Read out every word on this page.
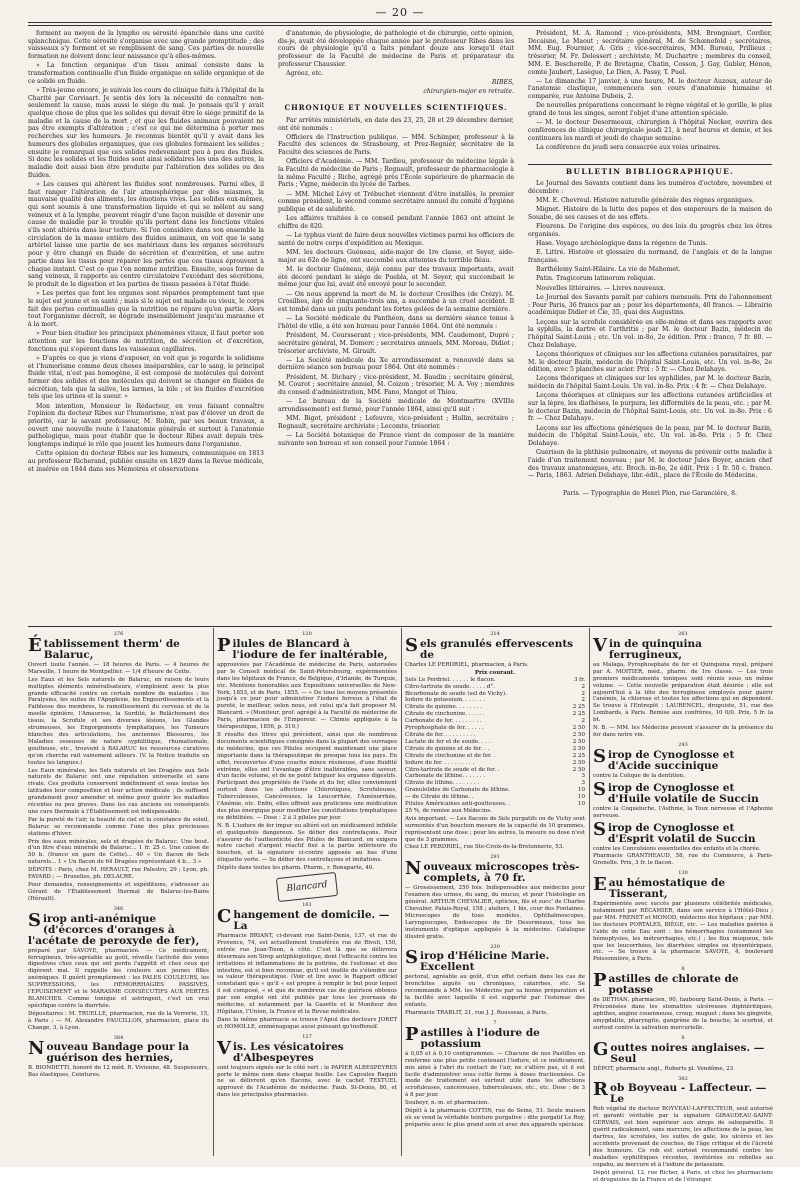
— 20 —

forment au moyen de la lympho ou sérosité épanchée dans une cavité splanchnique. Cette sérosité s'organise avec une grande promptitude ; des vaisseaux s'y forment et se remplissent de sang. Ces parties de nouvelle formation ne doivent donc leur naissance qu'à elles-mêmes.

» La fonction organique d'un tissu animal consiste dans la transformation continuelle d'un fluide organique en solide organique et de ce solide en fluide.

» Très-jeune encore, je suivais les cours de clinique faits à l'hôpital de la Charité par Corvisart. Je sentis dès lors la nécessité de connaître non-seulement la cause, mais aussi le siége du mal. Je pensais qu'il y avait quelque chose de plus que les solides qui devait être le siége primitif de la maladie et la cause de la mort ; et que les fluides animaux pouvaient ne pas être exempts d'altération ; c'est ce qui me détermina à porter mes recherches sur les humeurs. Je reconnus bientôt qu'il y avait dans les humeurs des globules organiques, que ces globules formaient les solides ; ensuite je remarquai que ces solides redevenaient peu à peu des fluides. Si donc les solides et les fluides sont ainsi solidaires les uns des autres, la maladie doit aussi bien être produite par l'altération des solides ou des fluides.

» Les causes qui altèrent les fluides sont nombreuses. Parmi elles, il faut ranger l'altération de l'air atmosphérique par des miasmes, la mauvaise qualité des aliments, les émotions vives. Les solides eux-mêmes, qui sont soumis à une transformation liquide et qui se mêlent au sang veineux et à la lymphe, peuvent réagir d'une façon nuisible et devenir une cause de maladie par le trouble qu'ils portent dans les fonctions vitales s'ils sont altérés dans leur texture. Si l'on considère dans son ensemble la circulation de la masse entière des fluides animaux, on voit que le sang artériel laisse une partie de ses matériaux dans les organes sécréteurs pour y être changé en fluide de sécrétion et d'excrétion, et une autre partie dans les tissus pour réparer les pertes que ces tissus éprouvent à chaque instant. C'est ce que l'on nomme nutrition. Ensuite, sous forme de sang veineux, il rapporte au centre circulatoire l'excédant des sécrétions, le produit de la digestion et les parties de tissus passées à l'état fluide.

» Les pertes que font les organes sont réparées promptement tant que le sujet est jeune et en santé ; mais si le sujet est malade ou vieux, le corps fait des pertes continuelles que la nutrition ne répare qu'en partie. Alors tout l'organisme décroît, se dégrade insensiblement jusqu'au marasme et à la mort.

» Pour bien étudier les principaux phénomènes vitaux, il faut porter son attention sur les fonctions de nutrition, de sécrétion et d'excrétion, fonctions qui s'opèrent dans les vaisseaux capillaires.

» D'après ce que je viens d'exposer, on voit que je regarde le solidisme et l'humorisme comme deux choses inséparables, car le sang, le principal fluide vital, n'est pas homogène, il est composé de molécules qui doivent former des solides et des molécules qui doivent se changer en fluides de sécrétion, tels que la salive, les larmes, la bile ; et les fluides d'excrétion tels que les urines et la sueur. »

Mon intention, Monsieur le Rédacteur, en vous faisant connaître l'opinion du docteur Ribes sur l'humorisme, n'est pas d'élever un droit de priorité, car le savant professeur, M. Robin, par ses beaux travaux, a ouvert une nouvelle route à l'anatomie générale et surtout à l'anatomie pathologique, mais pour établir que le docteur Ribes avait depuis très-longtemps indiqué le rôle que jouent les humeurs dans l'organisme.

Cette opinion du docteur Ribes sur les humeurs, communiquée en 1813 au professeur Richerand, publiée ensuite en 1829 dans la Revue médicale, et insérée en 1844 dans ses Mémoires et observations

d'anatomie, de physiologie, de pathologie et de chirurgie, cette opinion, dis-je, avait été développée chaque année par le professeur Ribes dans les cours de physiologie qu'il a faits pendant douze ans lorsqu'il était professeur de la Faculté de médecine de Paris et préparateur du professeur Chaussier.

Agréez, etc.

RIBES,

chirurgien-major en retraite.

CHRONIQUE ET NOUVELLES SCIENTIFIQUES.

Par arrêtés ministériels, en date des 23, 25, 28 et 29 décembre dernier, ont été nommés :

Officiers de l'Instruction publique. — MM. Schimper, professeur à la Faculté des sciences de Strasbourg, et Prez-Regnier, secrétaire de la Faculté des sciences de Paris.

Officiers d'Académie. — MM. Tardieu, professeur de médecine légale à la Faculté de médecine de Paris ; Regnault, professeur de pharmacologie à la même Faculté ; Riche, agrégé près l'École supérieure de pharmacie de Paris ; Vigne, médecin du lycée de Tarbes.

— MM. Michel Lévy et Trébuchet viennent d'être installés, le premier comme président, le second comme secrétaire annuel du comité d'hygiène publique et de salubrité.

Les affaires traitées à ce conseil pendant l'année 1863 ont atteint le chiffre de 820.

— Le typhus vient de faire deux nouvelles victimes parmi les officiers de santé de notre corps d'expédition au Mexique.

MM. les docteurs Guéneau, aide-major de 1re classe, et Seyer, aide-major au 62e de ligne, ont succombé aux atteintes du terrible fléau.

M. le docteur Guéneau, déjà connu par des travaux importants, avait été décoré pendant le siége de Puebla, et M. Seyer, qui succombait le même jour que lui, avait été envoyé pour le seconder.

— On nous apprend la mort de M. le docteur Crosilhes (de Crézy). M. Crosilhes, âgé de cinquante-trois ans, a succombé à un cruel accident. Il est tombé dans un puits pendant les fortes gelées de la semaine dernière.

— La Société médicale du Panthéon, dans sa dernière séance tenue à l'hôtel de ville, a été son bureau pour l'année 1864. Ont été nommés :

Président, M. Coursserant ; vice-présidents, MM. Caudemont, Dupré ; secrétaire général, M. Domerc ; secrétaires annuels, MM. Moreau, Didiot ; trésorier archiviste, M. Girault.

— La Société médicale du Xe arrondissement a renouvelé dans sa dernière séance son bureau pour 1864. Ont été nommés :

Président, M. Dichary ; vice-président, M. Baudin ; secrétaire général, M. Courot ; secrétaire annuel, M. Coizon ; trésorier, M. A. Voy ; membres du conseil d'administration, MM. Fano, Mangot et Thiou.

— Le bureau de la Société médicale de Montmartre (XVIIIe arrondissement) est formé, pour l'année 1864, ainsi qu'il suit :

MM. Bigot, président ; Lefeuvre, vice-président ; Hullin, secrétaire ; Regnault, secrétaire archiviste ; Lecomte, trésorier.

— La Société botanique de France vient de composer de la manière suivante son bureau et son conseil pour l'année 1864 :

Président, M. A. Ramond ; vice-présidents, MM. Brongniart, Cordier, Decaisne, Le Maout ; secrétaire général, M. de Schœnefeld ; secrétaires, MM. Eug. Fournier, A. Gris ; vice-secrétaires, MM. Bureau, Prillieux ; trésorier, M. Fr. Delessert ; archiviste, M. Duchartre ; membres du conseil, MM. E. Bescherelle, P. de Bretagne, Chatin, Cosson, J. Gay, Gubler, Hénon, comte Jaubert, Lasègue, Le Dien, A. Passy, T. Puel.

— Le dimanche 17 janvier, à une heure, M. le docteur Auzoux, auteur de l'anatomie clastique, commencera son cours d'anatomie humaine et comparée, rue Antoine Dubois, 2.

De nouvelles préparations concernant le règne végétal et le gorille, le plus grand de tous les singes, seront l'objet d'une attention spéciale.

— M. le docteur Desormeaux, chirurgien à l'hôpital Necker, ouvrira des conférences de clinique chirurgicale jeudi 21, à neuf heures et demie, et les continuera les mardi et jeudi de chaque semaine.

La conférence du jeudi sera consacrée aux voies urinaires.

BULLETIN BIBLIOGRAPHIQUE.

Le Journal des Savants contient dans les numéros d'octobre, novembre et décembre :

MM. E. Chevreul. Histoire naturelle générale des règnes organiques.

Mignet. Histoire de la lutte des papes et des empereurs de la maison de Souabe, de ses causes et de ses effets.

Flourens. De l'origine des espèces, ou des lois du progrès chez les êtres organisés.

Hase. Voyage archéologique dans la régence de Tunis.

E. Littré. Histoire et glossaire du normand, de l'anglais et de la langue française.

Barthélemy Saint-Hilaire. La vie de Mahomet.

Patin. Tragicorum latinorum reliquiæ.

Nouvelles littéraires. — Livres nouveaux.

Le Journal des Savants paraît par cahiers mensuels. Prix de l'abonnement : Pour Paris, 36 francs par an ; pour les départements, 40 francs. — Librairie académique Didier et Cie, 35, quai des Augustins.

Leçons sur la scrofule considérée en elle-même et dans ses rapports avec la syphilis, la dartre et l'arthritis ; par M. le docteur Bazin, médecin de l'hôpital Saint-Louis ; etc. Un vol. in-8o, 2e édition. Prix : franco, 7 fr. 80. — Chez Delahaye.

Leçons théoriques et cliniques sur les affections cutanées parasitaires, par M. le docteur Bazin, médecin de l'hôpital Saint-Louis, etc. Un vol. in-8o, 2e édition, avec 5 planches sur acier. Prix : 5 fr. — Chez Delahaye.

Leçons théoriques et cliniques sur les syphilides, par M. le docteur Bazin, médecin de l'hôpital Saint-Louis. Un vol. in-8o. Prix : 4 fr. — Chez Delahaye.

Leçons théoriques et cliniques sur les affections cutanées artificielles et sur la lèpre, les diathèses, le purpura, les difformités de la peau, etc. ; par M. le docteur Bazin, médecin de l'hôpital Saint-Louis, etc. Un vol. in-8o. Prix : 6 fr. — Chez Delahaye.

Leçons sur les affections génériques de la peau, par M. le docteur Bazin, médecin de l'hôpital Saint-Louis, etc. Un vol. in-8o. Prix : 5 fr. Chez Delahaye.

Guérison de la phthisie pulmonaire, et moyens de prévenir cette maladie à l'aide d'un traitement nouveau ; par M. le docteur Jules Boyer, ancien chef des travaux anatomiques, etc. Broch. in-8o, 2e édit. Prix : 1 fr. 50 c. franco. — Paris, 1863. Adrien Delahaye, libr.-édit., place de l'École de Médecine.

Paris. — Typographie de Henri Plon, rue Garancière, 8.

276
Établissement therm' de Balaruc,

Ouvert toute l'année. — 18 heures de Paris. — 4 heures de Marseille, 1 heure de Montpellier. — 1/4 d'heure de Cette.

Les Eaux et les Sels naturels de Balaruc, en raison de leurs multiples éléments minéralisateurs, s'emploient avec la plus grande efficacité contre un certain nombre de maladies : les Paralysies, les suites de l'Apoplexie, les Engourdissements et la Faiblesse des membres, le ramollissement du cerveau et de la moelle épinière, l'Amaurose, la Surdité, le Relâchement des tissus, la Scrofule et ses diverses lésions, les Glandes strumeuses, les Engorgements lymphatiques, les Tumeurs blanches des articulations, les anciennes Blessures, les Maladies osseuses de nature syphilitique, rhumatismale, goutteuse, etc., trouvent à BALARUC les ressources curatives qu'on cherche rait vainement ailleurs. (V. la Notice traduite en toutes les langues.)

Les Eaux minérales, les Sels naturels et les Dragées aux Sels naturels de Balaruc ont une réputation universelle et sans rivale. Ces produits conservent indéfiniment et sous toutes les latitudes leur composition et leur action médicale ; ils suffisent grandement pour amender et même pour guérir les maladies récentes ou peu graves. Dans les cas anciens ou conséquents une cure thermale à l'Établissement est indispensable.

Par la pureté de l'air, la beauté du ciel et la constance du soleil, Balaruc se recommande comme l'une des plus précieuses stations d'hiver.

Prix des eaux minérales, sels et dragées de Balaruc. Une bout. d'un litre d'eau minérale de Balaruc... 1 fr. 25 c. Une caisse de 50 b. (franco en gare de Cette)... 40 » Un flacon de Sels naturels... 1 » Un flacon de 64 Dragées représentant 4 b... 3 »

DÉPOTS : Paris, chez M. HERAULT, rue Palestro, 29 ; Lyon, ph. FAYARD ; — Bruxelles, ph. DELACRE.

Pour demandes, renseignements et expéditions, s'adresser au Gérant de l'Établissement thermal de Balaruc-les-Bains (Hérault).

346
Sirop anti-anémique (d'écorces d'oranges à l'acétate de peroxyde de fer),

préparé par SAVOYE, pharmacien. — Ce médicament, ferrugineux, très-agréable au goût, réveille l'activité des voies digestives chez ceux qui ont perdu l'appétit et chez ceux qui digèrent mal. Il rappelle les couleurs aux jeunes filles anémiques. Il guérit promptement : les PALES COULEURS, les SUPPRESSIONS, les HÉMORRHAGIES PASSIVES, l'EPUISEMENT et le MARASME CONSÉCUTIFS AUX PERTES BLANCHES. Comme tonique et astringent, c'est un vrai spécifique contre la diarrhée.

Dépositaires : M. TRUELLE, pharmacien, rue de la Verrerie, 15, à Paris ; — M. Alexandre FAUCILLON, pharmacien, place du Change, 3, à Lyon.

384
Nouveau Bandage pour la guérison des hernies,

B. BIONDETTI, honoré de 12 méd. R. Vivienne, 48. Suspensoirs, Bas élastiques, Ceintures.

120
Pilules de Blancard à l'iodure de fer inaltérable,

approuvées par l'Académie de médecine de Paris, autorisées par le Conseil médical de Saint-Pétersbourg, expérimentées dans les hôpitaux de France, de Belgique, d'Irlande, de Turquie, etc. Mentions honorables aux Expositions universelles de New-York, 1853, et de Paris, 1855. — « De tous les moyens présentés jusqu'à ce jour pour administrer l'iodure ferreux à l'état de pureté, le meilleur, selon nous, est celui qu'a fait proposer M. Blancard. » (Moniteur, prof. agrégé à la Faculté de médecine de Paris, pharmacien de l'Empereur. — Chimie appliquée à la thérapeutique, 1856, p. 319.)

Il résulte des titres qui précèdent, ainsi que de nombreux documents scientifiques consignés dans la plupart des ouvrages de médecine, que ces Pilules occupent maintenant une place importante dans la thérapeutique de presque tous les pays. En effet, recouvertes d'une couche mince résineuse, d'une fluidité extrême, elles ont l'avantage d'être inaltérables, sans saveur, d'un facile volume, et de ne point fatiguer les organes digestifs. Participant des propriétés de l'iode et du fer, elles conviennent surtout dans les affections Chlorotiques, Scrofuleuses, Tuberculeuses, Cancéreuses, la Leucorrhée, l'Aménorrhée, l'Anémie, etc. Enfin, elles offrent aux praticiens une médication des plus énergique pour modifier les constitutions lymphatiques ou débilitées. — Dose : 2 à 3 pilules par jour.

N. B. L'iodure de fer impur ou altéré est un médicament infidèle et quelquefois dangereux. Se défier des contrefaçons. Pour s'assurer de l'authenticité des Pilules de Blancard, on exigera notre cachet d'argent réactif fixé à la partie inférieure du bouchon, et la signature ci-contre apposée au bas d'une étiquette verte. — Se défier des contrefaçons et imitations.

Dépôts dans toutes les pharm. Pharm., r. Bonaparte, 40.

Blancard
161
Changement de domicile. — La

Pharmacie BRIANT, ci-devant rue Saint-Denis, 137, et rue de Provence, 74, est actuellement transférée rue de Rivoli, 150, entrée rue Jean-Tison, à côté. C'est là que se délivrera désormais son Sirop antiphlogistique, dont l'efficacité contre les irritations et inflammations de la poitrine, de l'estomac et des intestins, est si bien reconnue, qu'il est inutile de s'étendre sur sa valeur thérapeutique. (Voir et lire avec le Rapport officiel constatant que « qu'il « est propre à remplir le but pour lequel il est composé, « et que de nombreux cas de guérison obtenus par son emploi ont été publiés par tous les journaux de médecine, et notamment par la Gazette et le Moniteur des Hôpitaux, l'Union, la France et la Revue médicales.

Dans la même pharmacie se trouve l'Apiol des docteurs JORET et HOMOLLE, emménagogue aussi puissant qu'inoffensif.

127
Vis. Les vésicatoires d'Albespeyres

sont toujours signés sur le côté vert ; le PAPIER ALBESPEYRES porte le même nom dans chaque feuille. Les Capsules Raquin ne se délivrent qu'en flacons, avec le cachet TEXTUEL approuvé de l'Académie de médecine. Faub. St-Denis, 80, et dans les principales pharmacies.

214
Sels granulés effervescents de

Charles LE PERDRIEL, pharmacien, à Paris.

Prix courant.
Sels Le Perdriel. . . . . . le flacon.	3 fr.
Citro-tartrate de soude. . . . . d°.	2
Bicarbonate de soude (sel de Vichy).	2
Iodure de potassium. . . . . . .	2
Citrate de quinine. . . . . . . .	2 25
Citrate de cinchonine. . . . . .	2 25
Carbonate de fer. . . . . . . . .	2
Pyrophosphate de fer. . . . . .	2 50
Citrate de fer. . . . . . . . . .	2 50
Lactate de fer et de soude. . . .	2 50
Citrate de quinine et de fer. . .	2 50
Citrate de cinchonine et de fer. .	2 25
Iodure de fer. . . . . . . . . .	2 50
Citro-tartrate de soude et de fer. .	2 50
Carbonate de lithine. . . . . . .	3
Citrate de lithine. . . . . . . .	3
Granulolides de Carbonate de lithine.	10
— de Citrate de lithine. .	10
Pilules Américaines anti-goutteuses. .	10

25 %, de remise aux Médecins.

Avis important. — Les flacons de Sels purgatifs ou de Vichy sont surmontés d'un bouchon mesure de la capacité de 10 grammes, représentant une dose ; pour les autres, la mesure ou dose n'est que de 3 grammes.

Chez LE PERDRIEL, rue Ste-Croix-de-la-Bretonnerie, 53.

291
Nouveaux microscopes très-complets, à 70 fr.

— Grossissement, 250 fois. Indispensables aux médecins pour l'examen des urines, du sang, du mucus, et pour l'histologie en général. ARTHUR CHEVALIER, opticien, fils et succ' de Charles Chevalier, Palais-Royal, 158 ; ateliers, 1 bis, cour des Fontaines. Microscopes de tous modèles, Ophthalmoscopes, Laryngoscopes, Endoscopes du Dr Desormeaux, tous les instruments d'optique appliqués à la médecine. Catalogue illustré gratis.

230
Sirop d'Hélicine Marie. Excellent

pectoral, agréable au goût, d'un effet certain dans les cas de bronchites aiguës ou chroniques, catarrhes, etc. Se recommande à MM. les Médecins par sa bonne préparation et la facilité avec laquelle il est supporté par l'estomac des enfants.

Pharmacie TRABLIT, 21, rue J. J. Rousseau, à Paris.

7
Pastilles à l'iodure de potassium

à 0,05 et à 0,10 centigrammes. — Chacune de nos Pastilles en renferme une plus petite contenant l'iodure, et ce médicament, mis ainsi à l'abri du contact de l'air, ne s'altère pas, et il est facile d'administrer sous cette forme à doses fractionnées. Ce mode de traitement est surtout utile dans les affections scrofuleuses, cancéreuses, tuberculeuses, etc., etc. Dose : de 3 à 8 par jour.

Soubeyr, n.-m. et pharmacien.

Dépôt à la pharmacie COTTIN, rue de Seine, 51. Seule maison où se vend la véritable teinture purgative : dite purgatif Le Roy, préparée avec le plus grand soin et avec des appareils spéciaux.

261
Vin de quinquina ferrugineux,

au Malaga, Pyrophosphate de fer et Quinquina royal, préparé par A. MOITIER, méd., pharm. de 1re classe. — Les trois premiers médicaments toniques sont réunis sous un même volume. — Cette nouvelle préparation était désirée ; elle est aujourd'hui à la tête des ferrugineux employés pour guérir l'anémie, la chlorose et toutes les affections qui en dépendent. Se trouve à l'Entrepôt : LAURENCEL, droguiste, 51, rue des Lombards, à Paris. Remise aux confrères, 10 0/0. Prix, 5 fr. la bt.

N. B. — MM. les Médecins peuvent s'assurer de la présence du fer dans notre vin.

243
Sirop de Cynoglosse et d'Acide succinique

contre la Colique de la dentition.

Sirop de Cynoglosse et d'Huile volatile de Succin

contre la Coqueluche, l'Asthme, la Toux nerveuse et l'Aphonie nerveuse.

Sirop de Cynoglosse et d'Esprit volatil de Succin

contre les Convulsions essentielles des enfants et la chorée.

Pharmacie GRANTHEAUD, 58, rue du Commerce, à Paris-Grenelle. Prix, 3 fr. le flacon.

130
Eau hémostatique de Tisserant,

Expérimentée avec succès par plusieurs célébrités médicales, notamment par RÉCAMIER, dans son service à l'Hôtel-Dieu ; par MM. FRENET et MONOD, médecins des hôpitaux ; par MM. les docteurs PORTALES, BIÈGE, etc. — Les maladies guéries à l'aide de cette Eau sont : les hémorrhagies (notamment les hémoptysies, les métrorrhagies, etc.) ; les flux muqueux, tels que les leucorrhées, les diarrhées simples ou dysentériques, etc. — Se trouve à la pharmacie SAVOYE, 4, boulevard Poissonnière, à Paris.

8
Pastilles de chlorate de potasse

de DETHAN, pharmacien, 90, faubourg Saint-Denis, à Paris. — Préconisées dans les stomatites ulcéreuses diphtéritiques, aphthes, angine couenneuse, croup, muguet ; dans les gingivite, amygdalite, pharyngite, gangrène de la bouche, le scorbut, et surtout contre la salivation mercurielle.

8
Gouttes noires anglaises. — Seul

DÉPOT, pharmacie angl., Roberts pl. Vendôme, 23

382
Rob Boyveau - Laffecteur. — Le

Rob végétal du docteur BOYVEAU-LAFFECTEUR, seul autorisé et garanti véritable par la signature GIRAUDEAU-SAINT-GERVAIS, est bien supérieur aux sirops de salsepareille. Il guérit radicalement, sans mercure, les affections de la peau, les dartres, les scrofules, les suites de gale, les ulcères et les accidents provenant de couches, de l'âge critique et de l'âcreté des humeurs. Ce rob est surtout recommandé contre les maladies syphilitiques récentes, invétérées ou rebelles au copahu, au mercure et à l'iodure de potassium.

Dépôt général, 12, rue Richer, à Paris, et chez les pharmaciens et droguistes de la France et de l'étranger.
